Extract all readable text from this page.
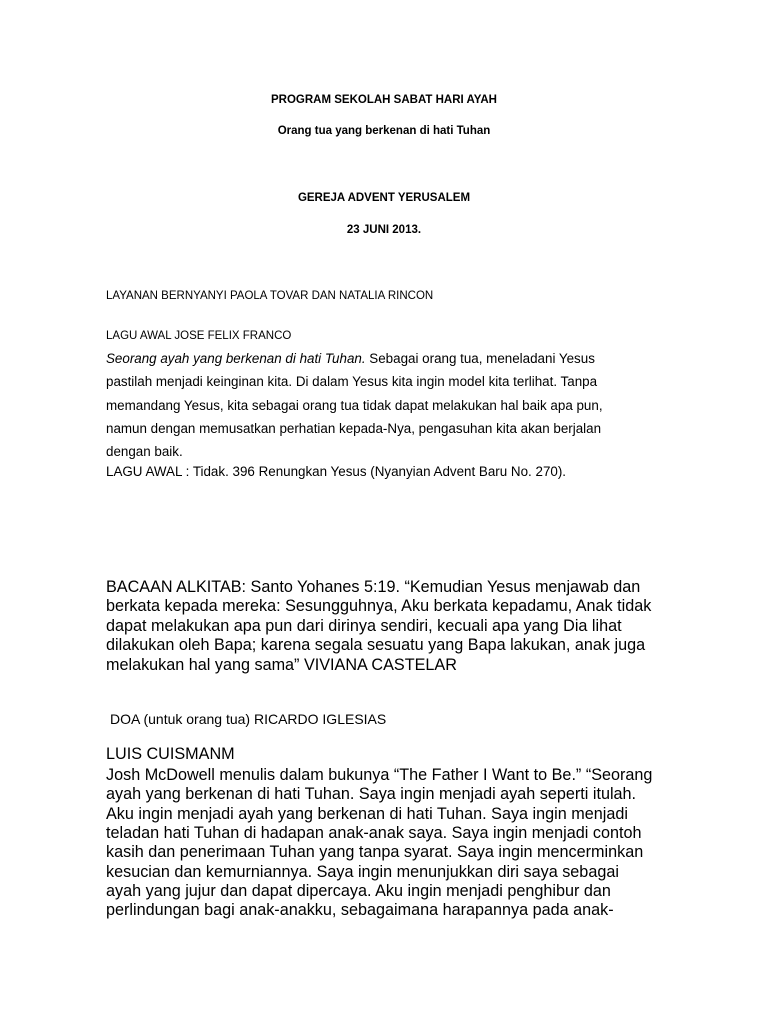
PROGRAM SEKOLAH SABAT HARI AYAH
Orang tua yang berkenan di hati Tuhan
GEREJA ADVENT YERUSALEM
23 JUNI 2013.
LAYANAN BERNYANYI PAOLA TOVAR DAN NATALIA RINCON
LAGU AWAL JOSE FELIX FRANCO
Seorang ayah yang berkenan di hati Tuhan. Sebagai orang tua, meneladani Yesus
pastilah menjadi keinginan kita. Di dalam Yesus kita ingin model kita terlihat. Tanpa
memandang Yesus, kita sebagai orang tua tidak dapat melakukan hal baik apa pun,
namun dengan memusatkan perhatian kepada-Nya, pengasuhan kita akan berjalan
dengan baik.
LAGU AWAL : Tidak. 396 Renungkan Yesus (Nyanyian Advent Baru No. 270).
BACAAN ALKITAB: Santo Yohanes 5:19. “Kemudian Yesus menjawab dan
berkata kepada mereka: Sesungguhnya, Aku berkata kepadamu, Anak tidak
dapat melakukan apa pun dari dirinya sendiri, kecuali apa yang Dia lihat
dilakukan oleh Bapa; karena segala sesuatu yang Bapa lakukan, anak juga
melakukan hal yang sama” VIVIANA CASTELAR
DOA (untuk orang tua) RICARDO IGLESIAS
LUIS CUISMANM
Josh McDowell menulis dalam bukunya “The Father I Want to Be.” “Seorang
ayah yang berkenan di hati Tuhan. Saya ingin menjadi ayah seperti itulah.
Aku ingin menjadi ayah yang berkenan di hati Tuhan. Saya ingin menjadi
teladan hati Tuhan di hadapan anak-anak saya. Saya ingin menjadi contoh
kasih dan penerimaan Tuhan yang tanpa syarat. Saya ingin mencerminkan
kesucian dan kemurniannya. Saya ingin menunjukkan diri saya sebagai
ayah yang jujur dan dapat dipercaya. Aku ingin menjadi penghibur dan
perlindungan bagi anak-anakku, sebagaimana harapannya pada anak-
